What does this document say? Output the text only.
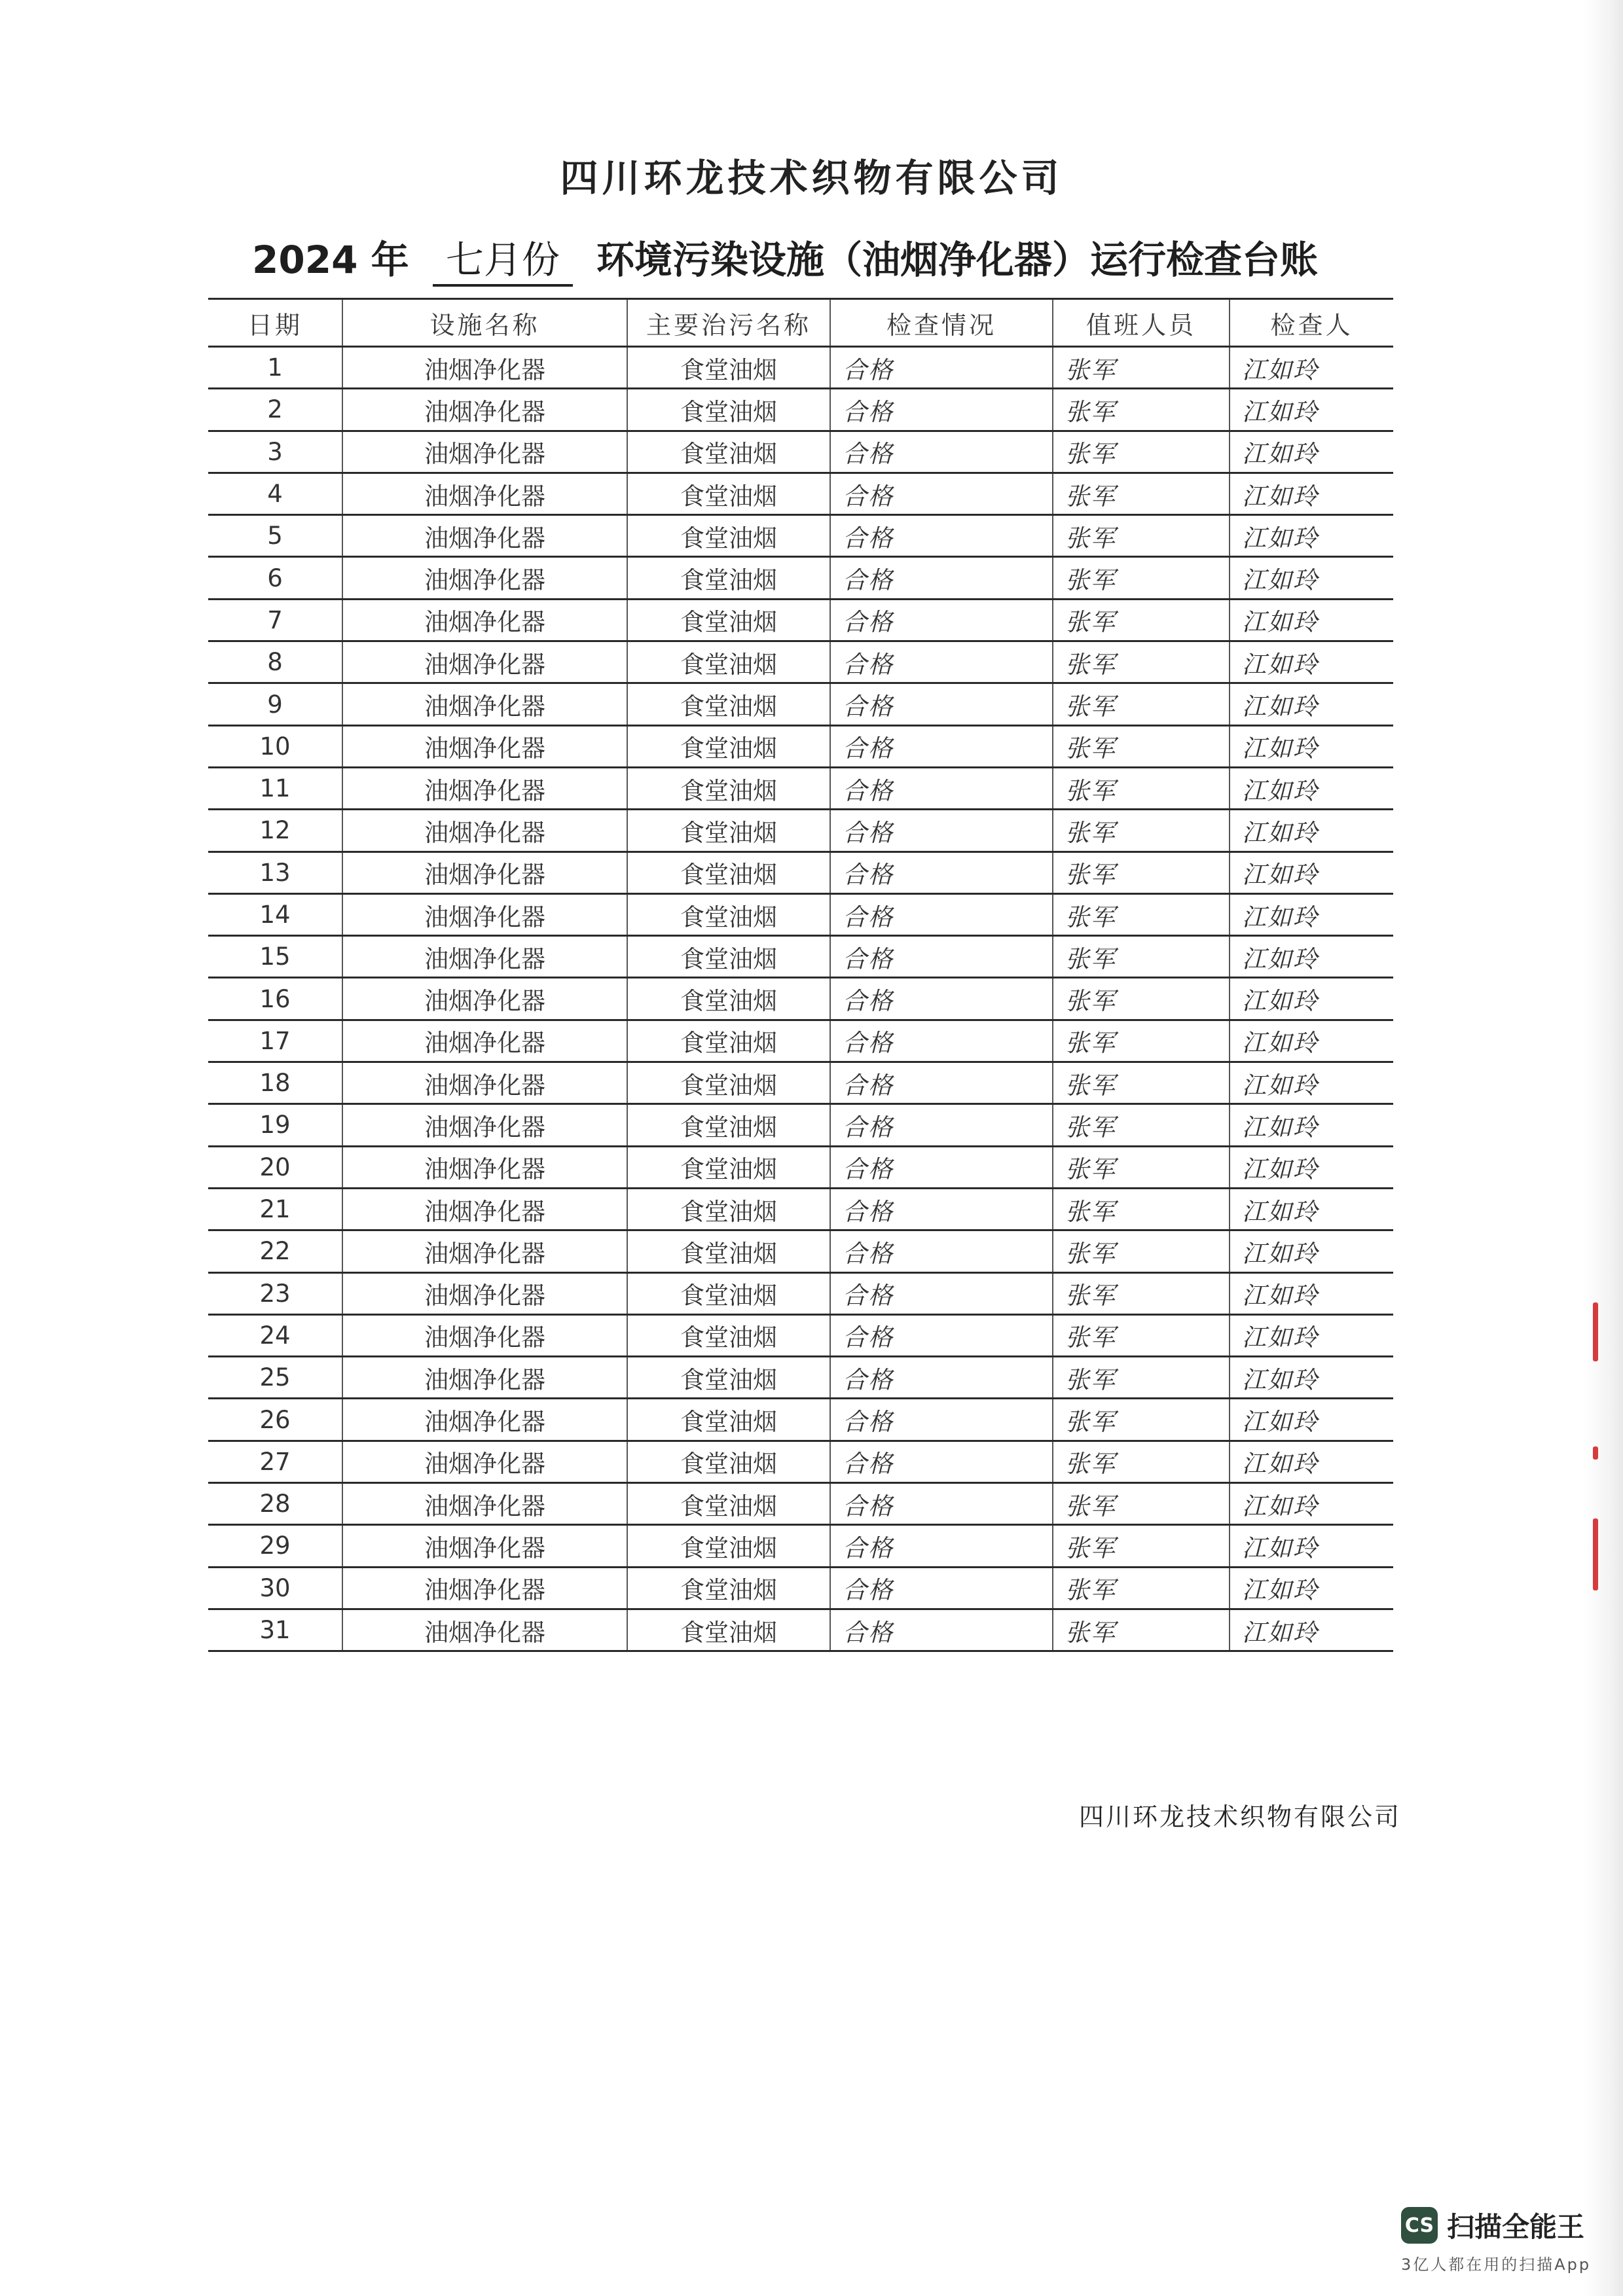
四川环龙技术织物有限公司
2024 年 七月份 环境污染设施（油烟净化器）运行检查台账
日期	设施名称	主要治污名称	检查情况	值班人员	检查人
1	油烟净化器	食堂油烟	合格	张军	江如玲
2	油烟净化器	食堂油烟	合格	张军	江如玲
3	油烟净化器	食堂油烟	合格	张军	江如玲
4	油烟净化器	食堂油烟	合格	张军	江如玲
5	油烟净化器	食堂油烟	合格	张军	江如玲
6	油烟净化器	食堂油烟	合格	张军	江如玲
7	油烟净化器	食堂油烟	合格	张军	江如玲
8	油烟净化器	食堂油烟	合格	张军	江如玲
9	油烟净化器	食堂油烟	合格	张军	江如玲
10	油烟净化器	食堂油烟	合格	张军	江如玲
11	油烟净化器	食堂油烟	合格	张军	江如玲
12	油烟净化器	食堂油烟	合格	张军	江如玲
13	油烟净化器	食堂油烟	合格	张军	江如玲
14	油烟净化器	食堂油烟	合格	张军	江如玲
15	油烟净化器	食堂油烟	合格	张军	江如玲
16	油烟净化器	食堂油烟	合格	张军	江如玲
17	油烟净化器	食堂油烟	合格	张军	江如玲
18	油烟净化器	食堂油烟	合格	张军	江如玲
19	油烟净化器	食堂油烟	合格	张军	江如玲
20	油烟净化器	食堂油烟	合格	张军	江如玲
21	油烟净化器	食堂油烟	合格	张军	江如玲
22	油烟净化器	食堂油烟	合格	张军	江如玲
23	油烟净化器	食堂油烟	合格	张军	江如玲
24	油烟净化器	食堂油烟	合格	张军	江如玲
25	油烟净化器	食堂油烟	合格	张军	江如玲
26	油烟净化器	食堂油烟	合格	张军	江如玲
27	油烟净化器	食堂油烟	合格	张军	江如玲
28	油烟净化器	食堂油烟	合格	张军	江如玲
29	油烟净化器	食堂油烟	合格	张军	江如玲
30	油烟净化器	食堂油烟	合格	张军	江如玲
31	油烟净化器	食堂油烟	合格	张军	江如玲
四川环龙技术织物有限公司
CS 扫描全能王
3亿人都在用的扫描App
